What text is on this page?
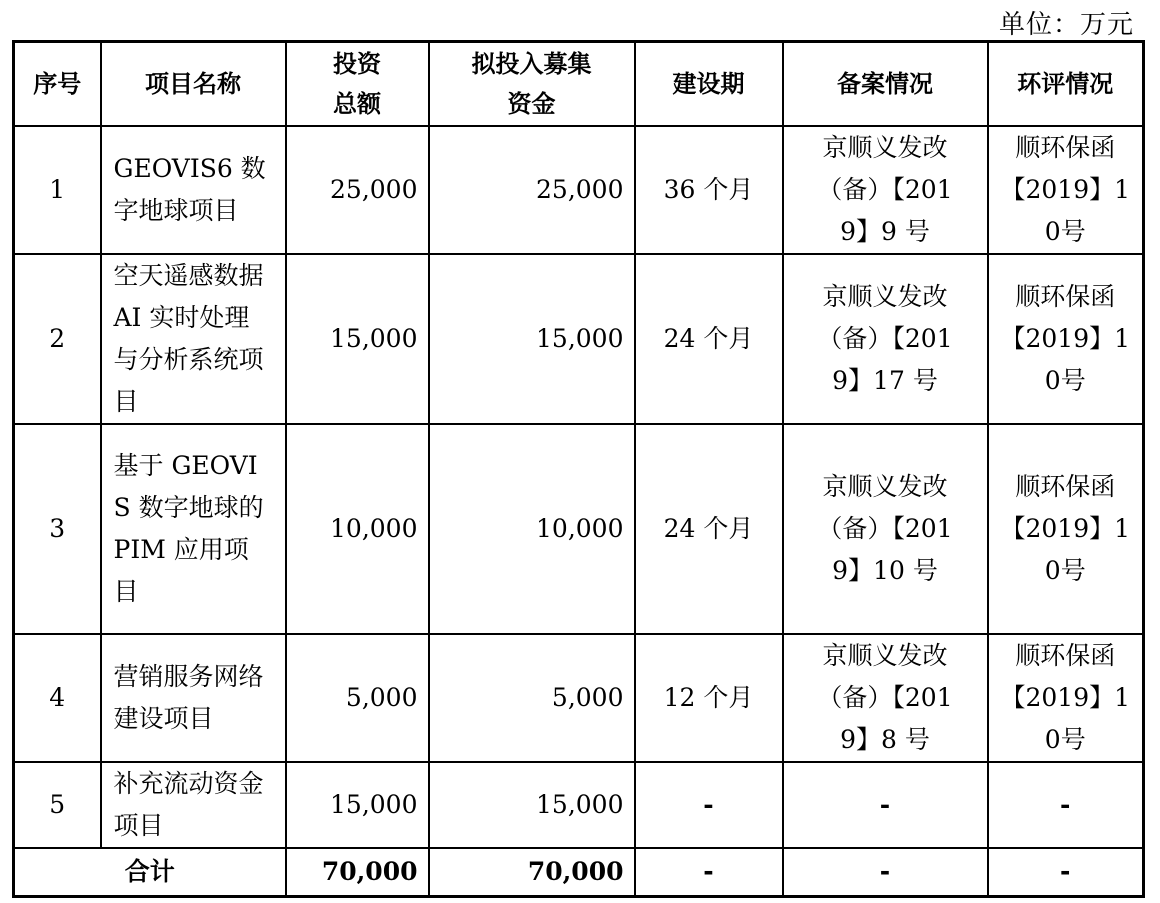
单位：万元
序号	项目名称	投资总额	拟投入募集资金	建设期	备案情况	环评情况
1	GEOVIS6 数字地球项目	25,000	25,000	36 个月	京顺义发改（备）【2019】9 号	顺环保函【2019】10号
2	空天遥感数据 AI 实时处理与分析系统项目	15,000	15,000	24 个月	京顺义发改（备）【2019】17 号	顺环保函【2019】10号
3	基于 GEOVIS 数字地球的 PIM 应用项目	10,000	10,000	24 个月	京顺义发改（备）【2019】10 号	顺环保函【2019】10号
4	营销服务网络建设项目	5,000	5,000	12 个月	京顺义发改（备）【2019】8 号	顺环保函【2019】10号
5	补充流动资金项目	15,000	15,000	-	-	-
合计		70,000	70,000	-	-	-
